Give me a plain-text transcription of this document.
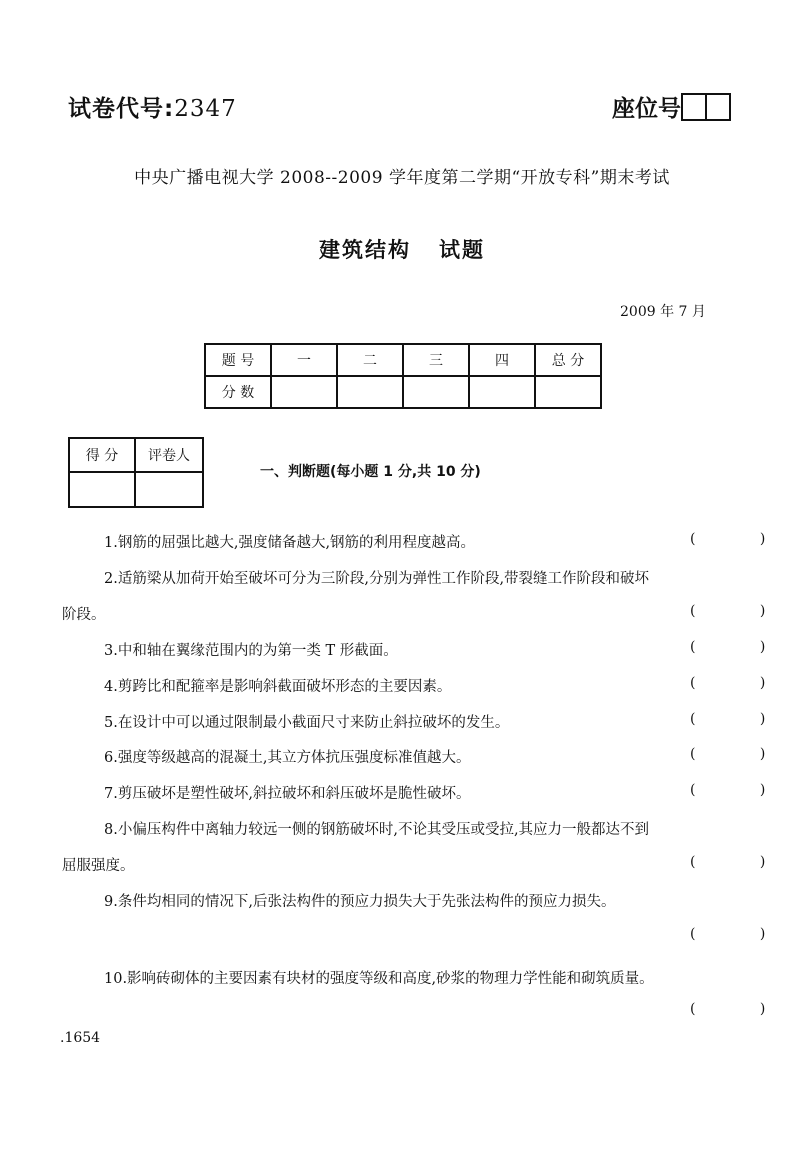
试卷代号:2347	座位号
中央广播电视大学 2008--2009 学年度第二学期“开放专科”期末考试
建筑结构 试题
2009 年 7 月
题 号	一	二	三	四	总 分
分 数					
得 分	评卷人

一、判断题(每小题 1 分,共 10 分)
1.钢筋的屈强比越大,强度储备越大,钢筋的利用程度越高。	( )
2.适筋梁从加荷开始至破坏可分为三阶段,分别为弹性工作阶段,带裂缝工作阶段和破坏
阶段。	( )
3.中和轴在翼缘范围内的为第一类 T 形截面。	( )
4.剪跨比和配箍率是影响斜截面破坏形态的主要因素。	( )
5.在设计中可以通过限制最小截面尺寸来防止斜拉破坏的发生。	( )
6.强度等级越高的混凝土,其立方体抗压强度标准值越大。	( )
7.剪压破坏是塑性破坏,斜拉破坏和斜压破坏是脆性破坏。	( )
8.小偏压构件中离轴力较远一侧的钢筋破坏时,不论其受压或受拉,其应力一般都达不到
屈服强度。	( )
9.条件均相同的情况下,后张法构件的预应力损失大于先张法构件的预应力损失。
( )
10.影响砖砌体的主要因素有块材的强度等级和高度,砂浆的物理力学性能和砌筑质量。
( )
.1654
